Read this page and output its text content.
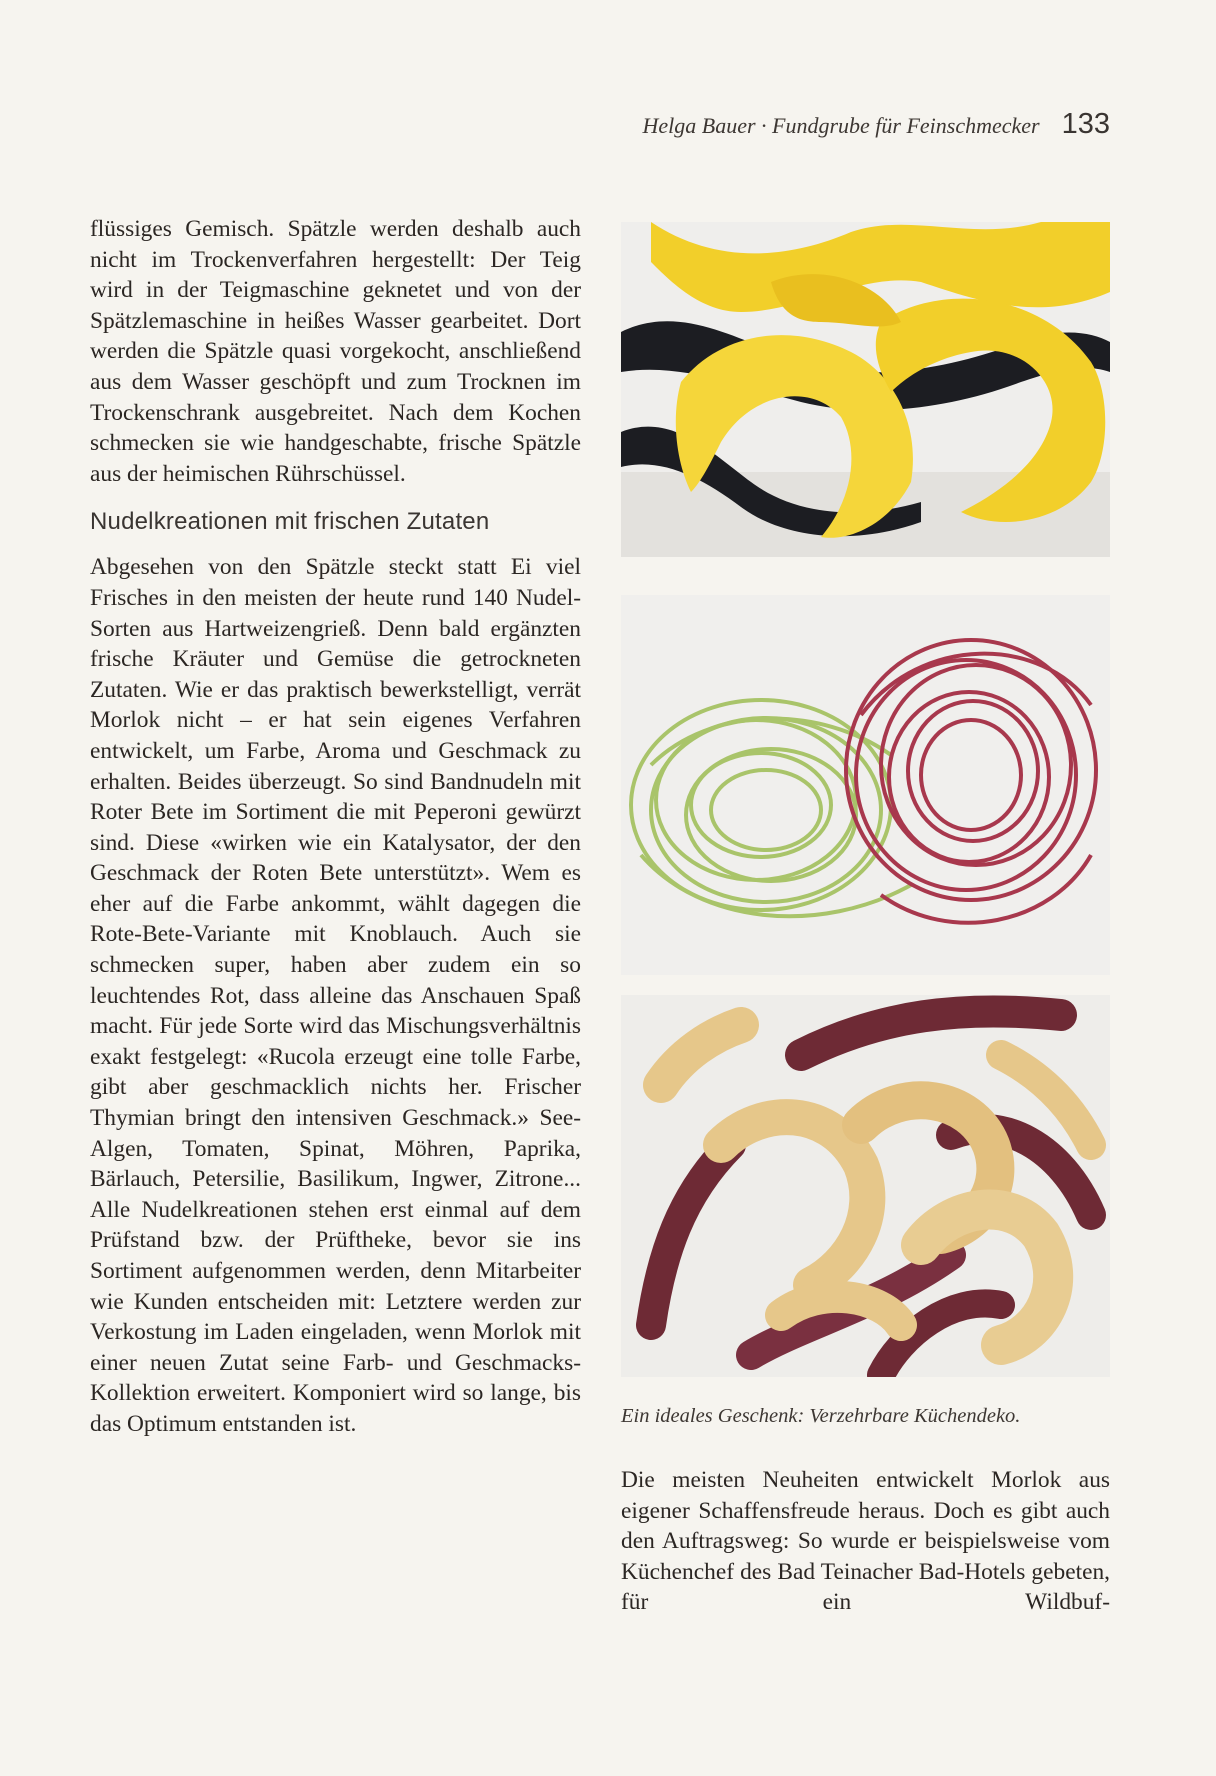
Helga Bauer · Fundgrube für Feinschmecker 133

flüssiges Gemisch. Spätzle werden deshalb auch nicht im Trockenverfahren hergestellt: Der Teig wird in der Teigmaschine geknetet und von der Spätzlemaschine in heißes Wasser gearbeitet. Dort werden die Spätzle quasi vorgekocht, anschließend aus dem Wasser geschöpft und zum Trocknen im Trockenschrank ausgebreitet. Nach dem Kochen schmecken sie wie handgeschabte, frische Spätzle aus der heimischen Rührschüssel.

Nudelkreationen mit frischen Zutaten

Abgesehen von den Spätzle steckt statt Ei viel Frisches in den meisten der heute rund 140 Nudel-Sorten aus Hartweizengrieß. Denn bald ergänzten frische Kräuter und Gemüse die getrockneten Zutaten. Wie er das praktisch bewerkstelligt, verrät Morlok nicht – er hat sein eigenes Verfahren entwickelt, um Farbe, Aroma und Geschmack zu erhalten. Beides überzeugt. So sind Bandnudeln mit Roter Bete im Sortiment die mit Peperoni gewürzt sind. Diese «wirken wie ein Katalysator, der den Geschmack der Roten Bete unterstützt». Wem es eher auf die Farbe ankommt, wählt dagegen die Rote-Bete-Variante mit Knoblauch. Auch sie schmecken super, haben aber zudem ein so leuchtendes Rot, dass alleine das Anschauen Spaß macht. Für jede Sorte wird das Mischungsverhältnis exakt festgelegt: «Rucola erzeugt eine tolle Farbe, gibt aber geschmacklich nichts her. Frischer Thymian bringt den intensiven Geschmack.» See-Algen, Tomaten, Spinat, Möhren, Paprika, Bärlauch, Petersilie, Basilikum, Ingwer, Zitrone... Alle Nudelkreationen stehen erst einmal auf dem Prüfstand bzw. der Prüftheke, bevor sie ins Sortiment aufgenommen werden, denn Mitarbeiter wie Kunden entscheiden mit: Letztere werden zur Verkostung im Laden eingeladen, wenn Morlok mit einer neuen Zutat seine Farb- und Geschmacks-Kollektion erweitert. Komponiert wird so lange, bis das Optimum entstanden ist.	Ein ideales Geschenk: Verzehrbare Küchendeko.

Die meisten Neuheiten entwickelt Morlok aus eigener Schaffensfreude heraus. Doch es gibt auch den Auftragsweg: So wurde er beispielsweise vom Küchenchef des Bad Teinacher Bad-Hotels gebeten, für ein Wildbuf-
